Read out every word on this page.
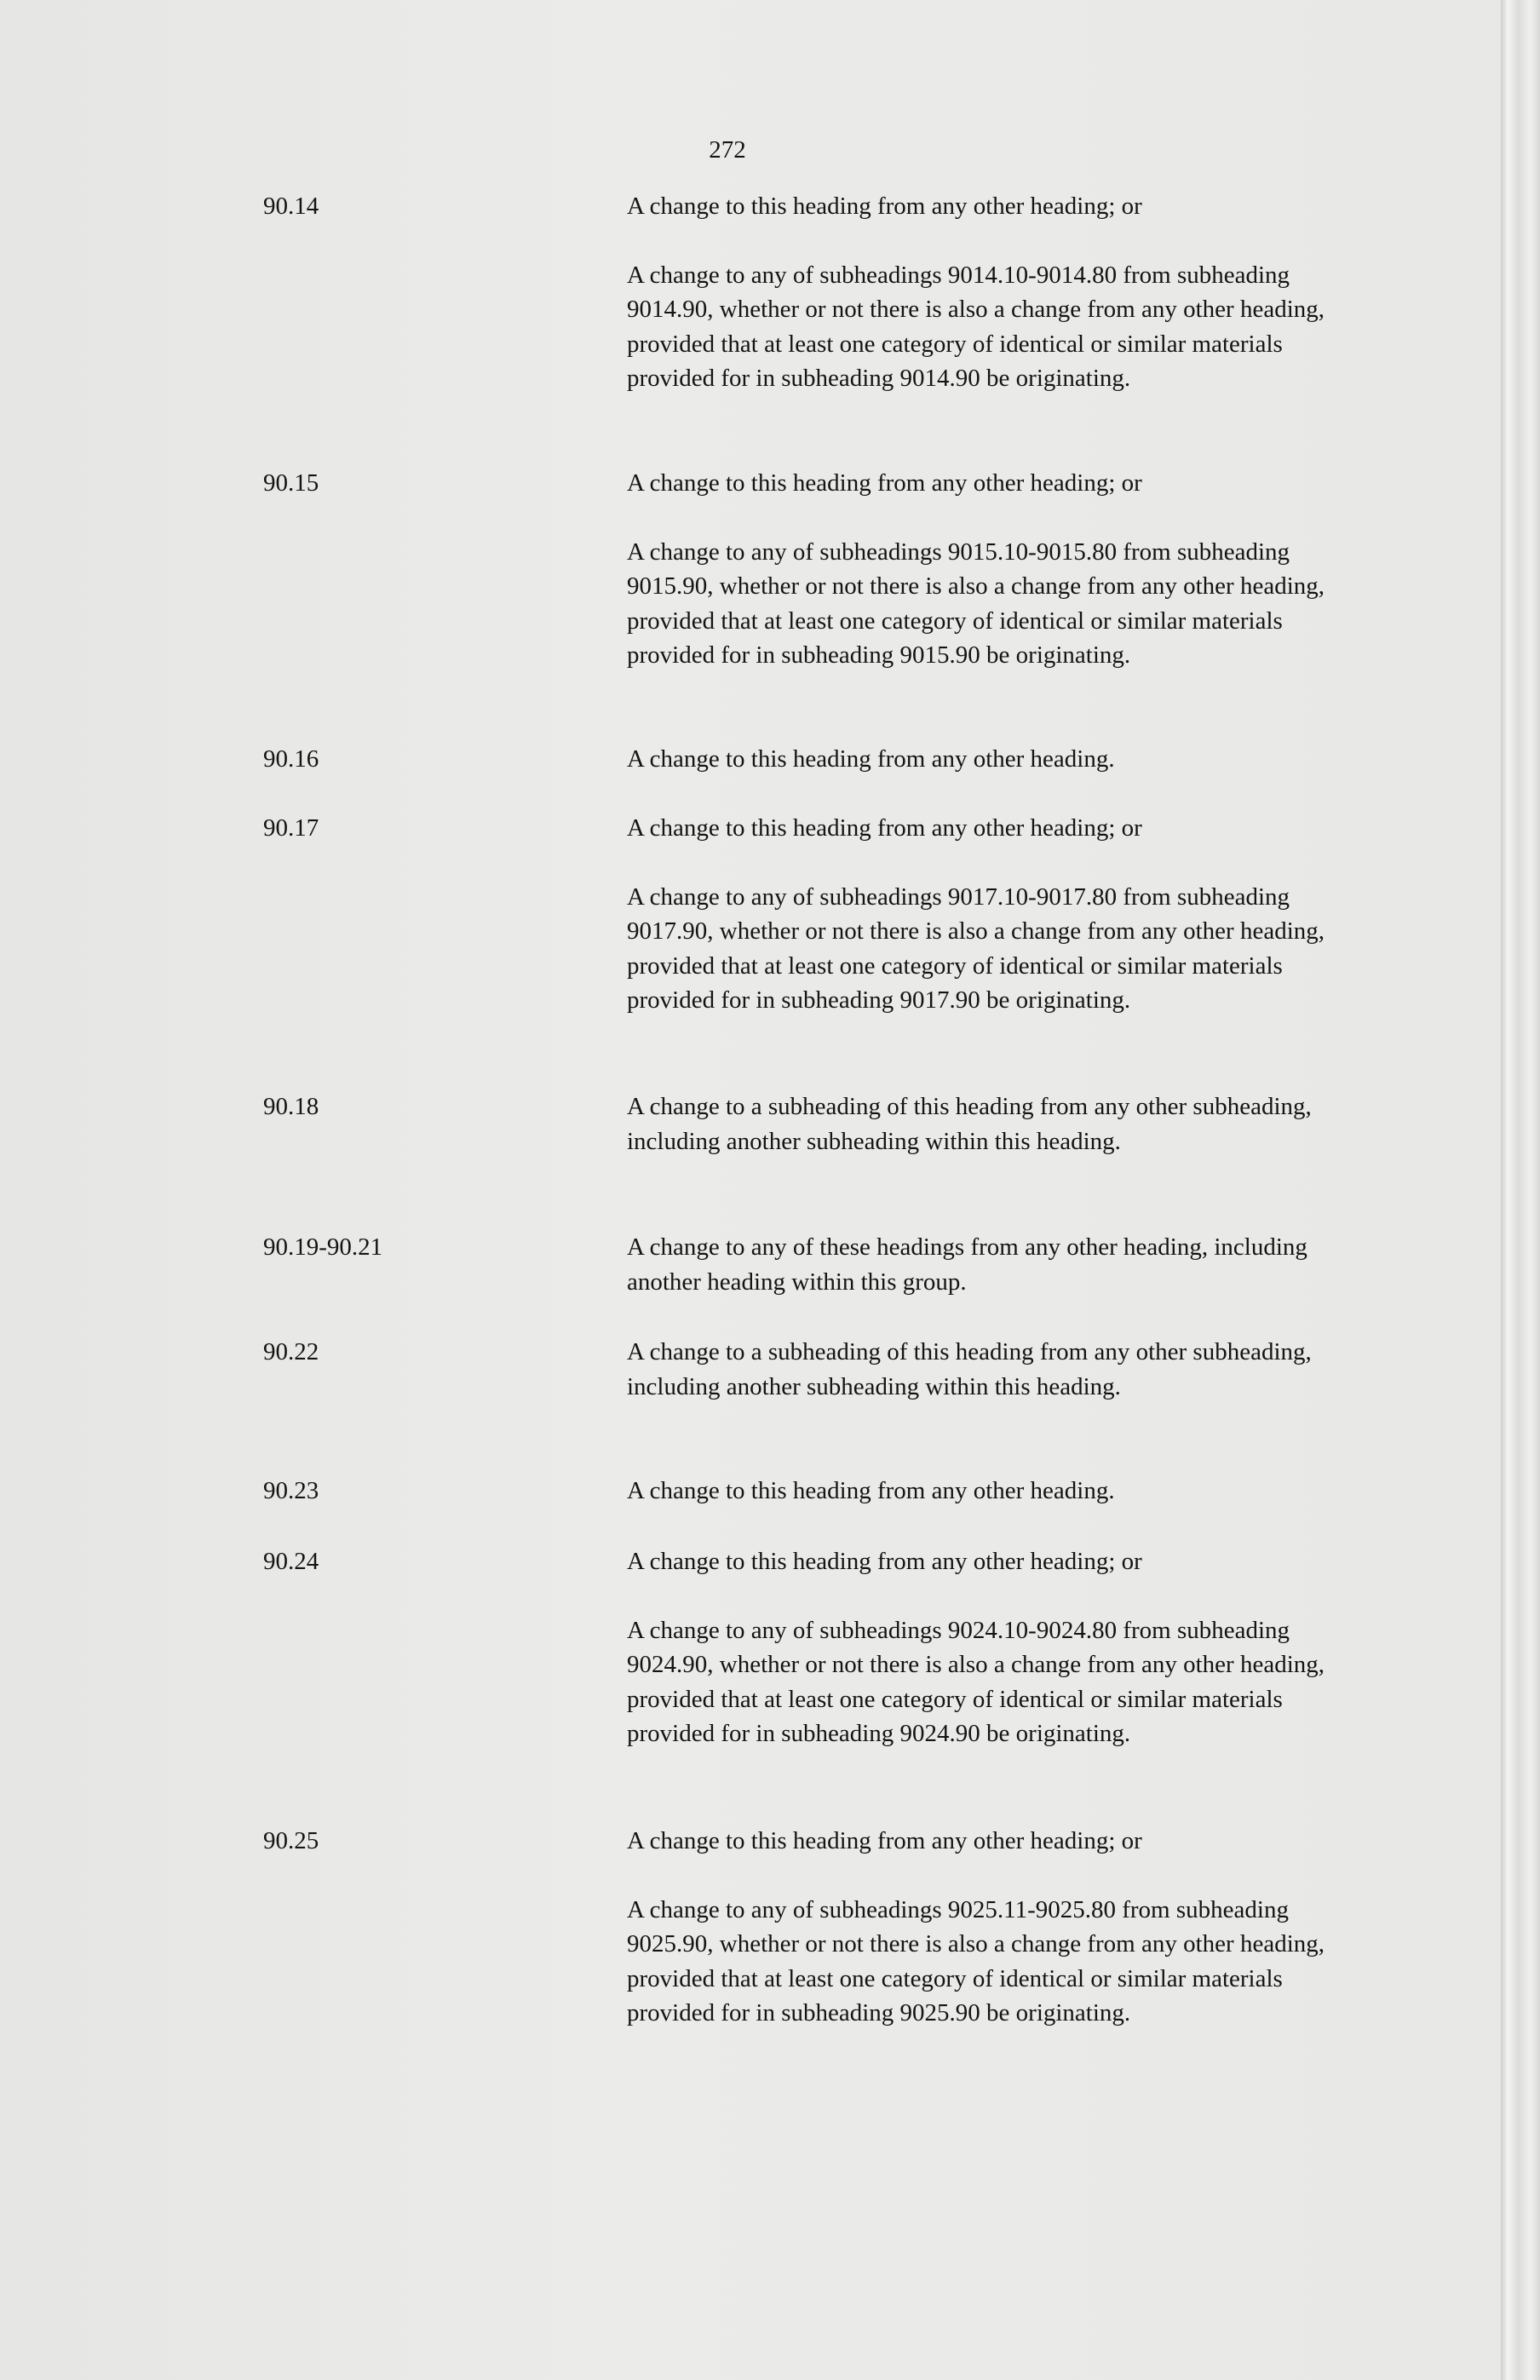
272
90.14	A change to this heading from any other heading; or

A change to any of subheadings 9014.10-9014.80 from subheading 9014.90, whether or not there is also a change from any other heading, provided that at least one category of identical or similar materials provided for in subheading 9014.90 be originating.

90.15	A change to this heading from any other heading; or

A change to any of subheadings 9015.10-9015.80 from subheading 9015.90, whether or not there is also a change from any other heading, provided that at least one category of identical or similar materials provided for in subheading 9015.90 be originating.

90.16	A change to this heading from any other heading.

90.17	A change to this heading from any other heading; or

A change to any of subheadings 9017.10-9017.80 from subheading 9017.90, whether or not there is also a change from any other heading, provided that at least one category of identical or similar materials provided for in subheading 9017.90 be originating.

90.18	A change to a subheading of this heading from any other subheading, including another subheading within this heading.

90.19-90.21	A change to any of these headings from any other heading, including another heading within this group.

90.22	A change to a subheading of this heading from any other subheading, including another subheading within this heading.

90.23	A change to this heading from any other heading.

90.24	A change to this heading from any other heading; or

A change to any of subheadings 9024.10-9024.80 from subheading 9024.90, whether or not there is also a change from any other heading, provided that at least one category of identical or similar materials provided for in subheading 9024.90 be originating.

90.25	A change to this heading from any other heading; or

A change to any of subheadings 9025.11-9025.80 from subheading 9025.90, whether or not there is also a change from any other heading, provided that at least one category of identical or similar materials provided for in subheading 9025.90 be originating.
